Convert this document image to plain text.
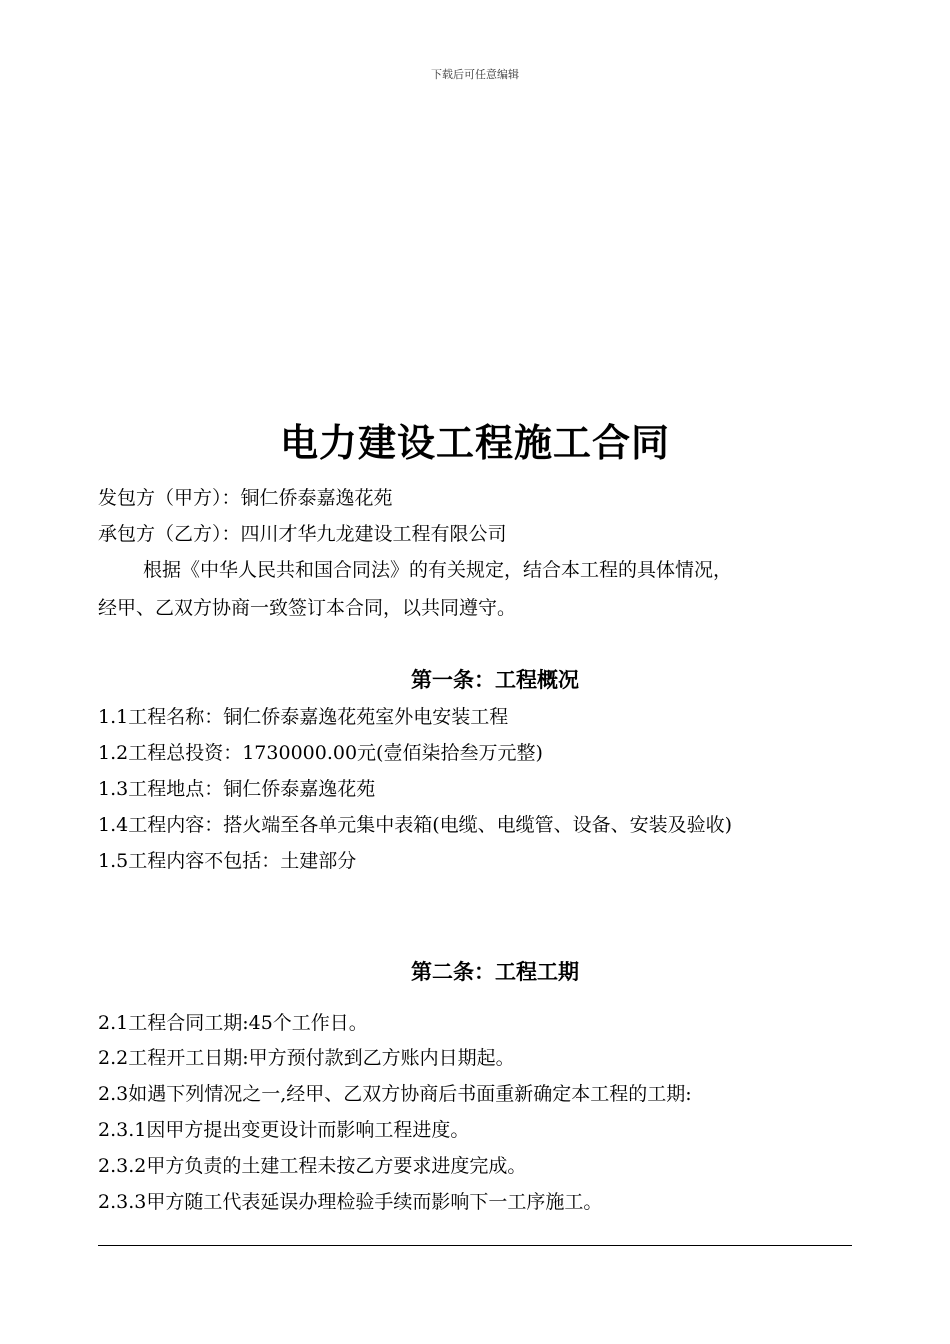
下载后可任意编辑
电力建设工程施工合同
发包方（甲方）：铜仁侨泰嘉逸花苑
承包方（乙方）：四川才华九龙建设工程有限公司
根据《中华人民共和国合同法》的有关规定，结合本工程的具体情况，
经甲、乙双方协商一致签订本合同，以共同遵守。
第一条：工程概况
1.1工程名称：铜仁侨泰嘉逸花苑室外电安装工程
1.2工程总投资：1730000.00元(壹佰柒拾叁万元整)
1.3工程地点：铜仁侨泰嘉逸花苑
1.4工程内容：搭火端至各单元集中表箱(电缆、电缆管、设备、安装及验收)
1.5工程内容不包括：土建部分
第二条：工程工期
2.1工程合同工期:45个工作日。
2.2工程开工日期:甲方预付款到乙方账内日期起。
2.3如遇下列情况之一,经甲、乙双方协商后书面重新确定本工程的工期:
2.3.1因甲方提出变更设计而影响工程进度。
2.3.2甲方负责的土建工程未按乙方要求进度完成。
2.3.3甲方随工代表延误办理检验手续而影响下一工序施工。
